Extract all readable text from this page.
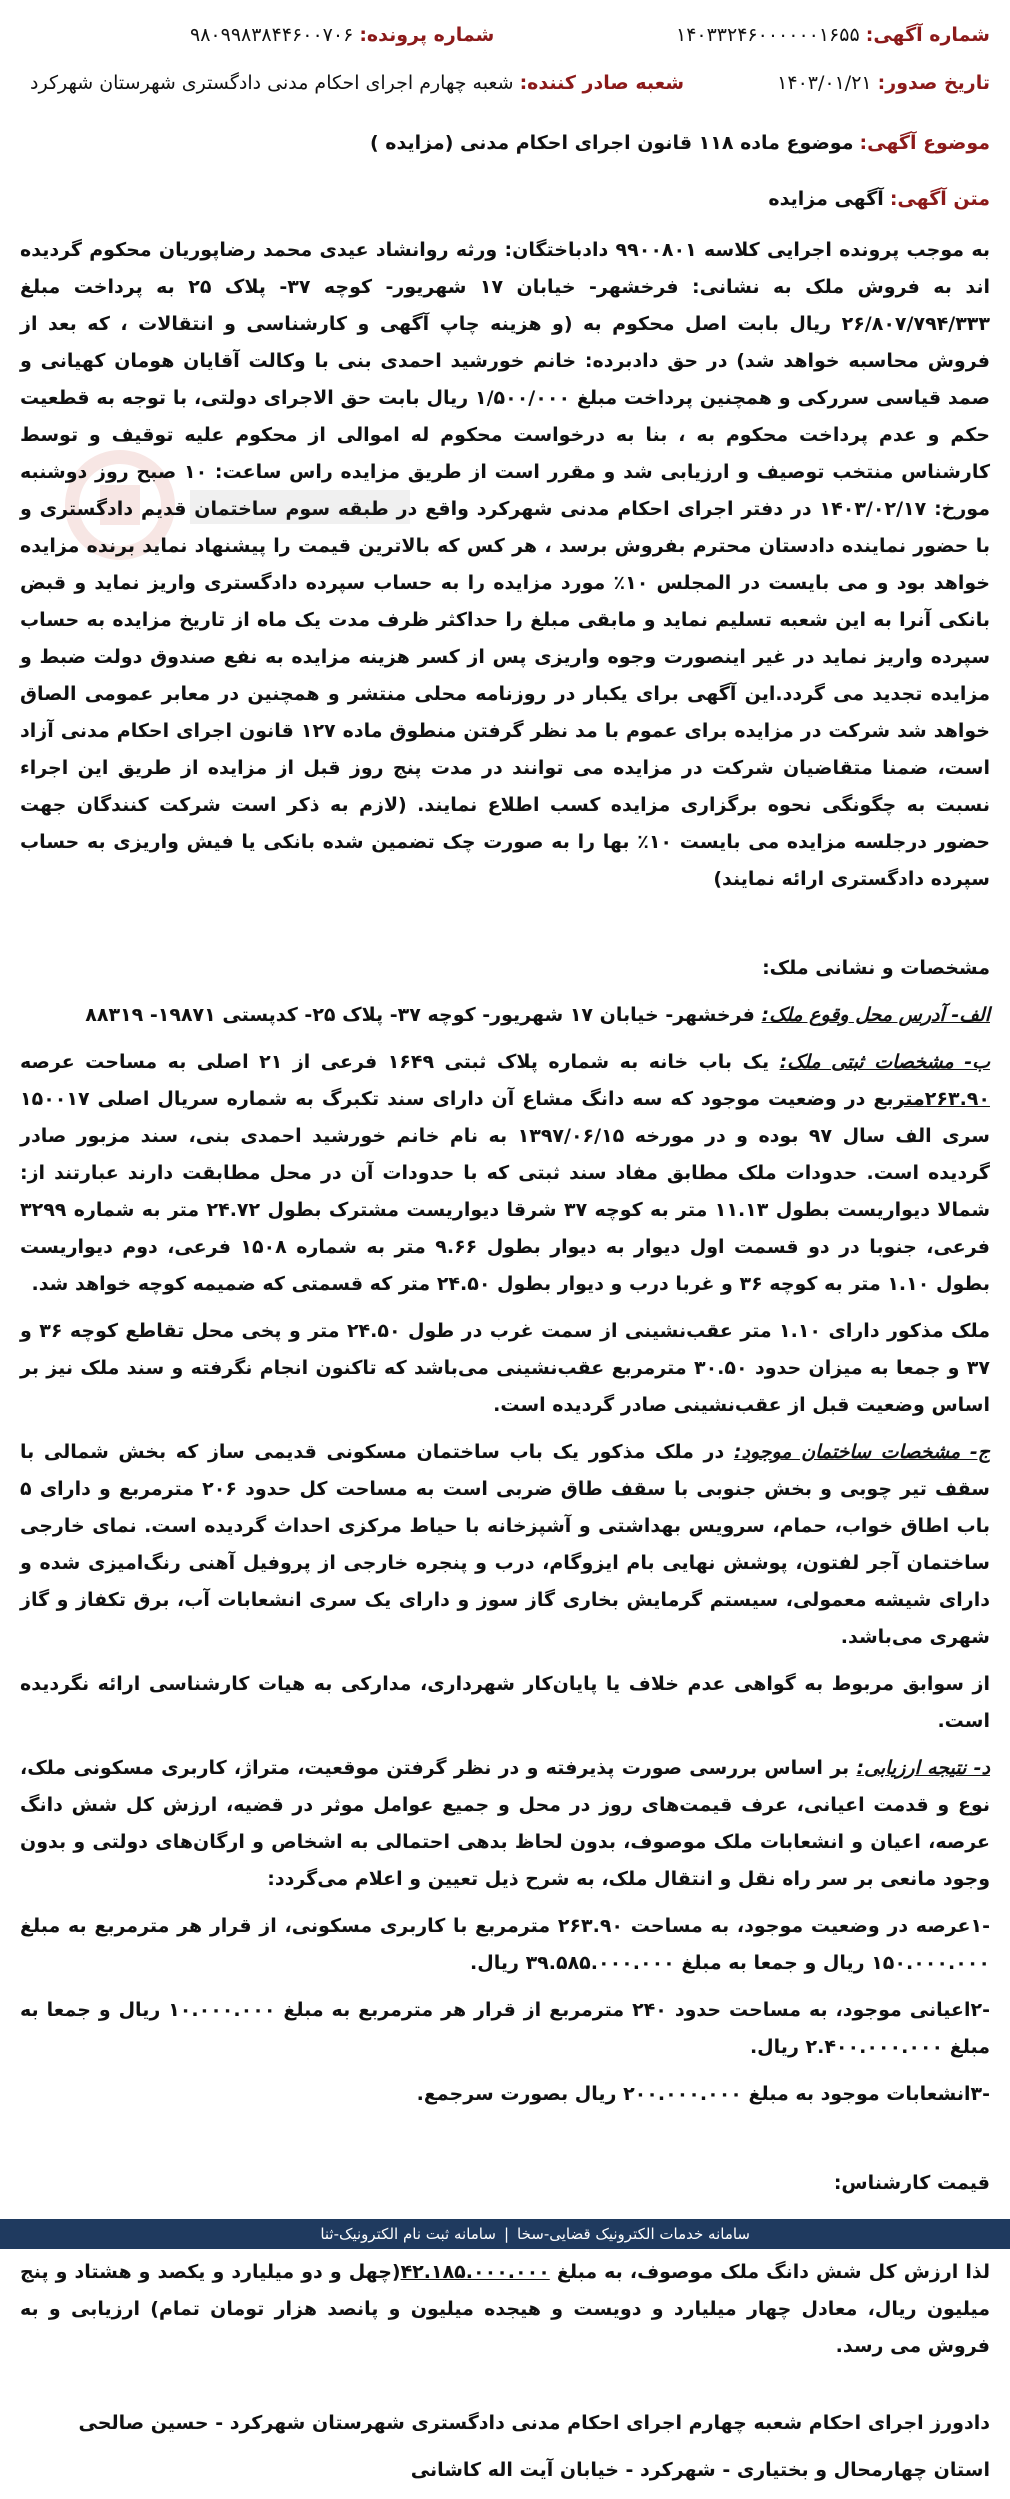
شماره آگهی: ۱۴۰۳۳۲۴۶۰۰۰۰۰۰۱۶۵۵
شماره پرونده: ۹۸۰۹۹۸۳۸۴۴۶۰۰۷۰۶
تاریخ صدور: ۱۴۰۳/۰۱/۲۱
شعبه صادر کننده: شعبه چهارم اجرای احکام مدنی دادگستری شهرستان شهرکرد
موضوع آگهی: موضوع ماده ۱۱۸ قانون اجرای احکام مدنی (مزایده )
متن آگهی: آگهی مزایده

به موجب پرونده اجرایی کلاسه ۹۹۰۰۸۰۱ دادباختگان: ورثه روانشاد عیدی محمد رضاپوریان محکوم گردیده اند به فروش ملک به نشانی: فرخشهر- خیابان ۱۷ شهریور- کوچه ۳۷- پلاک ۲۵ به پرداخت مبلغ ۲۶/۸۰۷/۷۹۴/۳۳۳ ریال بابت اصل محکوم به (و هزینه چاپ آگهی و کارشناسی و انتقالات ، که بعد از فروش محاسبه خواهد شد) در حق دادبرده: خانم خورشید احمدی بنی با وکالت آقایان هومان کهیانی و صمد قیاسی سررکی و همچنین پرداخت مبلغ ۱/۵۰۰/۰۰۰ ریال بابت حق الاجرای دولتی، با توجه به قطعیت حکم و عدم پرداخت محکوم به ، بنا به درخواست محکوم له اموالی از محکوم علیه توقیف و توسط کارشناس منتخب توصیف و ارزیابی شد و مقرر است از طریق مزایده راس ساعت: ۱۰ صبح روز دوشنبه مورخ: ۱۴۰۳/۰۲/۱۷ در دفتر اجرای احکام مدنی شهرکرد واقع در طبقه سوم ساختمان قدیم دادگستری و با حضور نماینده دادستان محترم بفروش برسد ، هر کس که بالاترین قیمت را پیشنهاد نماید برنده مزایده خواهد بود و می بایست در المجلس ۱۰٪ مورد مزایده را به حساب سپرده دادگستری واریز نماید و قبض بانکی آنرا به این شعبه تسلیم نماید و مابقی مبلغ را حداکثر ظرف مدت یک ماه از تاریخ مزایده به حساب سپرده واریز نماید در غیر اینصورت وجوه واریزی پس از کسر هزینه مزایده به نفع صندوق دولت ضبط و مزایده تجدید می گردد.این آگهی برای یکبار در روزنامه محلی منتشر و همچنین در معابر عمومی الصاق خواهد شد شرکت در مزایده برای عموم با مد نظر گرفتن منطوق ماده ۱۲۷ قانون اجرای احکام مدنی آزاد است، ضمنا متقاضیان شرکت در مزایده می توانند در مدت پنج روز قبل از مزایده از طریق این اجراء نسبت به چگونگی نحوه برگزاری مزایده کسب اطلاع نمایند. (لازم به ذکر است شرکت کنندگان جهت حضور درجلسه مزایده می بایست ۱۰٪ بها را به صورت چک تضمین شده بانکی یا فیش واریزی به حساب سپرده دادگستری ارائه نمایند)

مشخصات و نشانی ملک:

الف- آدرس محل وقوع ملک: فرخشهر- خیابان ۱۷ شهریور- کوچه ۳۷- پلاک ۲۵- کدپستی ۱۹۸۷۱- ۸۸۳۱۹

ب- مشخصات ثبتی ملک: یک باب خانه به شماره پلاک ثبتی ۱۶۴۹ فرعی از ۲۱ اصلی به مساحت عرصه ۲۶۳.۹۰متربع در وضعیت موجود که سه دانگ مشاع آن دارای سند تکبرگ به شماره سریال اصلی ۱۵۰۰۱۷ سری الف سال ۹۷ بوده و در مورخه ۱۳۹۷/۰۶/۱۵ به نام خانم خورشید احمدی بنی، سند مزبور صادر گردیده است. حدودات ملک مطابق مفاد سند ثبتی که با حدودات آن در محل مطابقت دارند عبارتند از: شمالا دیواریست بطول ۱۱.۱۳ متر به کوچه ۳۷ شرقا دیواریست مشترک بطول ۲۴.۷۲ متر به شماره ۳۲۹۹ فرعی، جنوبا در دو قسمت اول دیوار به دیوار بطول ۹.۶۶ متر به شماره ۱۵۰۸ فرعی، دوم دیواریست بطول ۱.۱۰ متر به کوچه ۳۶ و غربا درب و دیوار بطول ۲۴.۵۰ متر که قسمتی که ضمیمه کوچه خواهد شد.

ملک مذکور دارای ۱.۱۰ متر عقب‌نشینی از سمت غرب در طول ۲۴.۵۰ متر و پخی محل تقاطع کوچه ۳۶ و ۳۷ و جمعا به میزان حدود ۳۰.۵۰ مترمربع عقب‌نشینی می‌باشد که تاکنون انجام نگرفته و سند ملک نیز بر اساس وضعیت قبل از عقب‌نشینی صادر گردیده است.

ج- مشخصات ساختمان موجود: در ملک مذکور یک باب ساختمان مسکونی قدیمی ساز که بخش شمالی با سقف تیر چوبی و بخش جنوبی با سقف طاق ضربی است به مساحت کل حدود ۲۰۶ مترمربع و دارای ۵ باب اطاق خواب، حمام، سرویس بهداشتی و آشپزخانه با حیاط مرکزی احداث گردیده است. نمای خارجی ساختمان آجر لفتون، پوشش نهایی بام ایزوگام، درب و پنجره خارجی از پروفیل آهنی رنگ‌امیزی شده و دارای شیشه معمولی، سیستم گرمایش بخاری گاز سوز و دارای یک سری انشعابات آب، برق تکفاز و گاز شهری می‌باشد.

از سوابق مربوط به گواهی عدم خلاف یا پایان‌کار شهرداری، مدارکی به هیات کارشناسی ارائه نگردیده است.

د- نتیجه ارزیابی: بر اساس بررسی صورت پذیرفته و در نظر گرفتن موقعیت، متراژ، کاربری مسکونی ملک، نوع و قدمت اعیانی، عرف قیمت‌های روز در محل و جمیع عوامل موثر در قضیه، ارزش کل شش دانگ عرصه، اعیان و انشعابات ملک موصوف، بدون لحاظ بدهی احتمالی به اشخاص و ارگان‌های دولتی و بدون وجود مانعی بر سر راه نقل و انتقال ملک، به شرح ذیل تعیین و اعلام می‌گردد:

-۱عرصه در وضعیت موجود، به مساحت ۲۶۳.۹۰ مترمربع با کاربری مسکونی، از قرار هر مترمربع به مبلغ ۱۵۰.۰۰۰.۰۰۰ ریال و جمعا به مبلغ ۳۹.۵۸۵.۰۰۰.۰۰۰ ریال.

-۲اعیانی موجود، به مساحت حدود ۲۴۰ مترمربع از قرار هر مترمربع به مبلغ ۱۰.۰۰۰.۰۰۰ ریال و جمعا به مبلغ ۲.۴۰۰.۰۰۰.۰۰۰ ریال.

-۳انشعابات موجود به مبلغ ۲۰۰.۰۰۰.۰۰۰ ریال بصورت سرجمع.

قیمت کارشناس:

لذا ارزش کل شش دانگ ملک موصوف، به مبلغ ۴۲.۱۸۵.۰۰۰.۰۰۰(چهل و دو میلیارد و یکصد و هشتاد و پنج میلیون ریال، معادل چهار میلیارد و دویست و هیجده میلیون و پانصد هزار تومان تمام) ارزیابی و به فروش می رسد.

دادورز اجرای احکام شعبه چهارم اجرای احکام مدنی دادگستری شهرستان شهرکرد - حسین صالحی

استان چهارمحال و بختیاری - شهرکرد - خیابان آیت اله کاشانی

سامانه خدمات الکترونیک قضایی-سخا
|
سامانه ثبت نام الکترونیک-ثنا
